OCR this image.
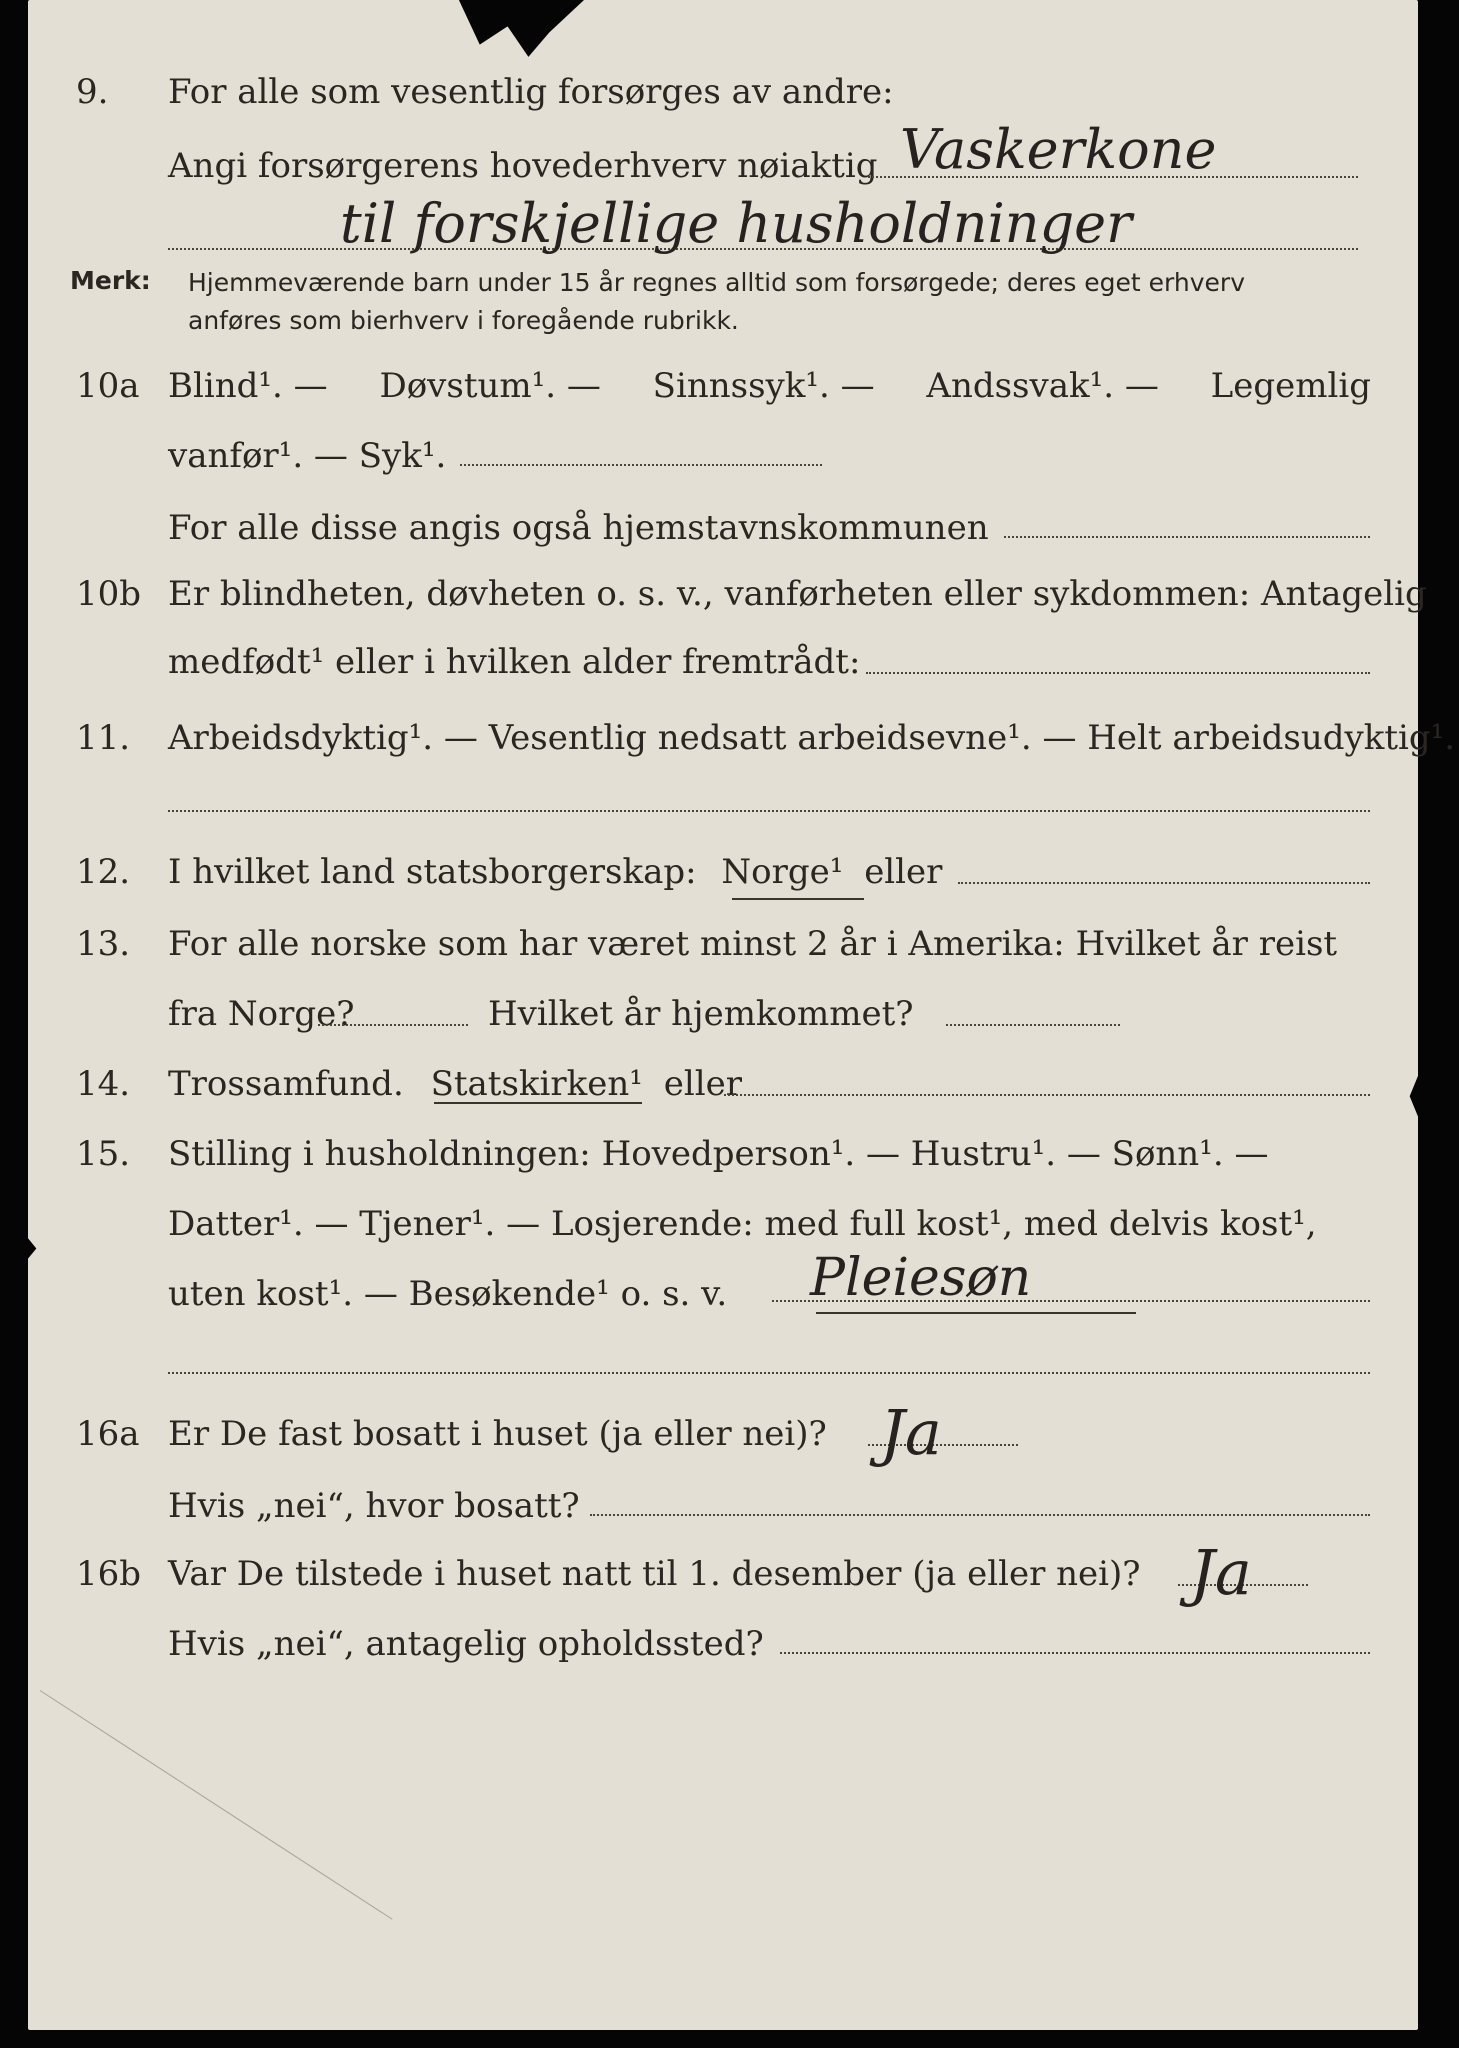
9. For alle som vesentlig forsørges av andre:
Angi forsørgerens hovederhverv nøiaktig Vaskerkone
til forskjellige husholdninger
Merk: Hjemmeværende barn under 15 år regnes alltid som forsørgede; deres eget erhverv
anføres som bierhverv i foregående rubrikk.
10a Blind¹. — Døvstum¹. — Sinnssyk¹. — Andssvak¹. — Legemlig
vanfør¹. — Syk¹.
For alle disse angis også hjemstavnskommunen
10b Er blindheten, døvheten o. s. v., vanførheten eller sykdommen: Antagelig
medfødt¹ eller i hvilken alder fremtrådt:
11. Arbeidsdyktig¹. — Vesentlig nedsatt arbeidsevne¹. — Helt arbeidsudyktig¹.
12. I hvilket land statsborgerskap: Norge¹ eller
13. For alle norske som har været minst 2 år i Amerika: Hvilket år reist
fra Norge?	Hvilket år hjemkommet?
14. Trossamfund. Statskirken¹ eller
15. Stilling i husholdningen: Hovedperson¹. — Hustru¹. — Sønn¹. —
Datter¹. — Tjener¹. — Losjerende: med full kost¹, med delvis kost¹,
uten kost¹. — Besøkende¹ o. s. v. Pleiesøn
16a Er De fast bosatt i huset (ja eller nei)? Ja
Hvis „nei“, hvor bosatt?
16b Var De tilstede i huset natt til 1. desember (ja eller nei)? Ja
Hvis „nei“, antagelig opholdssted?
